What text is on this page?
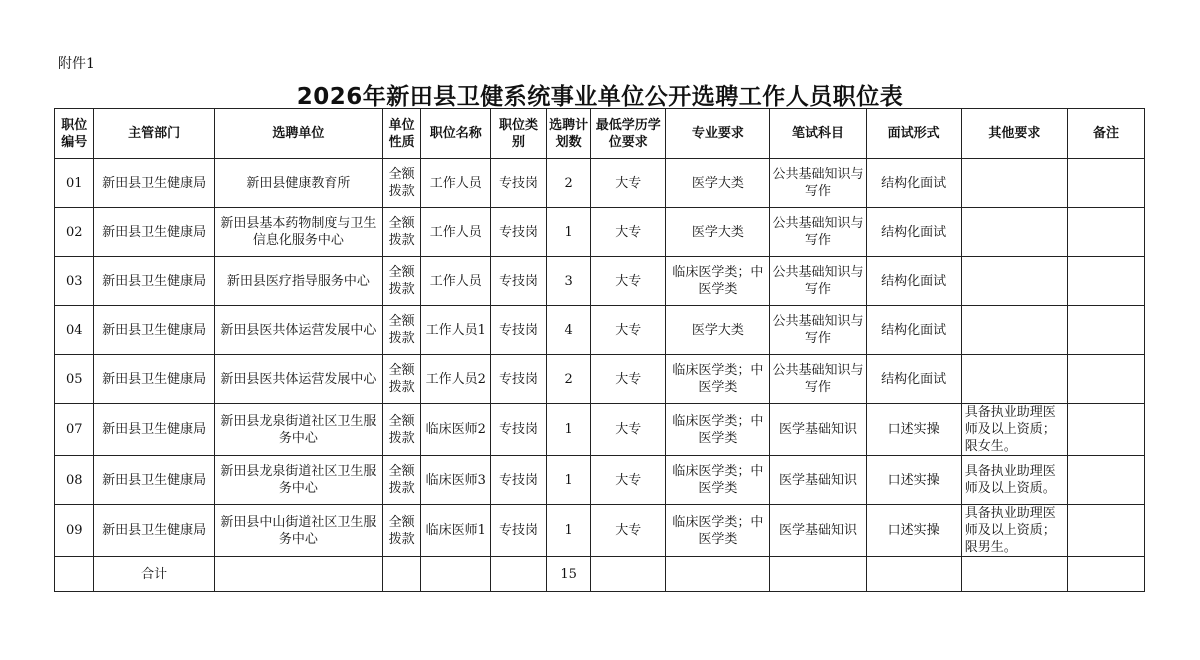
附件1
2026年新田县卫健系统事业单位公开选聘工作人员职位表
职位编号	主管部门	选聘单位	单位性质	职位名称	职位类别	选聘计划数	最低学历学位要求	专业要求	笔试科目	面试形式	其他要求	备注
01	新田县卫生健康局	新田县健康教育所	全额拨款	工作人员	专技岗	2	大专	医学大类	公共基础知识与写作	结构化面试		
02	新田县卫生健康局	新田县基本药物制度与卫生信息化服务中心	全额拨款	工作人员	专技岗	1	大专	医学大类	公共基础知识与写作	结构化面试		
03	新田县卫生健康局	新田县医疗指导服务中心	全额拨款	工作人员	专技岗	3	大专	临床医学类；中医学类	公共基础知识与写作	结构化面试		
04	新田县卫生健康局	新田县医共体运营发展中心	全额拨款	工作人员1	专技岗	4	大专	医学大类	公共基础知识与写作	结构化面试		
05	新田县卫生健康局	新田县医共体运营发展中心	全额拨款	工作人员2	专技岗	2	大专	临床医学类；中医学类	公共基础知识与写作	结构化面试		
07	新田县卫生健康局	新田县龙泉街道社区卫生服务中心	全额拨款	临床医师2	专技岗	1	大专	临床医学类；中医学类	医学基础知识	口述实操	具备执业助理医师及以上资质；限女生。	
08	新田县卫生健康局	新田县龙泉街道社区卫生服务中心	全额拨款	临床医师3	专技岗	1	大专	临床医学类；中医学类	医学基础知识	口述实操	具备执业助理医师及以上资质。	
09	新田县卫生健康局	新田县中山街道社区卫生服务中心	全额拨款	临床医师1	专技岗	1	大专	临床医学类；中医学类	医学基础知识	口述实操	具备执业助理医师及以上资质；限男生。	
	合计					15						
